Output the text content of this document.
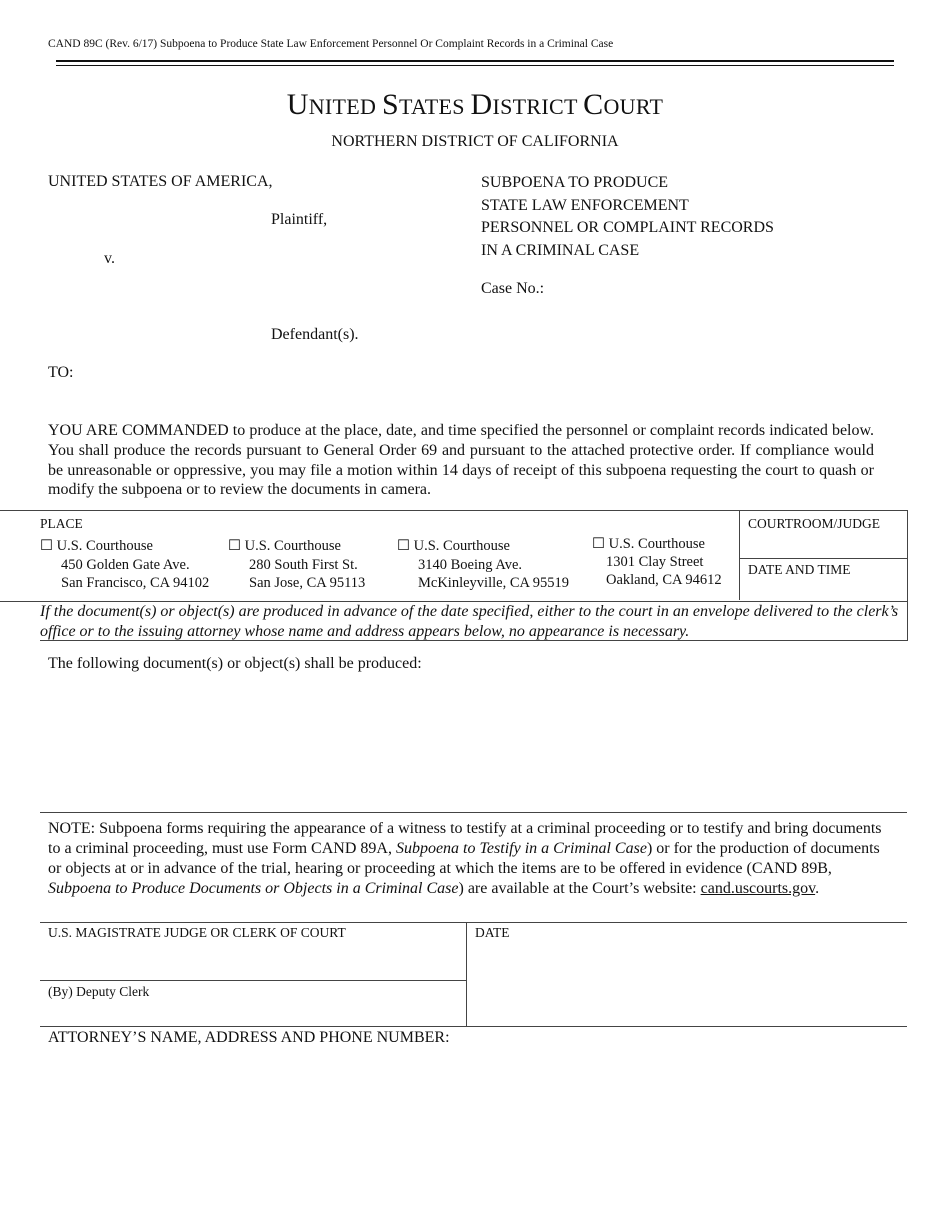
CAND 89C (Rev. 6/17) Subpoena to Produce State Law Enforcement Personnel Or Complaint Records in a Criminal Case
UNITED STATES DISTRICT COURT
NORTHERN DISTRICT OF CALIFORNIA
UNITED STATES OF AMERICA,
Plaintiff,
v.
Defendant(s).
SUBPOENA TO PRODUCE
STATE LAW ENFORCEMENT
PERSONNEL OR COMPLAINT RECORDS
IN A CRIMINAL CASE
Case No.:
TO:
YOU ARE COMMANDED to produce at the place, date, and time specified the personnel or complaint records indicated below. You shall produce the records pursuant to General Order 69 and pursuant to the attached protective order. If compliance would be unreasonable or oppressive, you may file a motion within 14 days of receipt of this subpoena requesting the court to quash or modify the subpoena or to review the documents in camera.
PLACE
☐ U.S. Courthouse
450 Golden Gate Ave.
San Francisco, CA 94102
☐ U.S. Courthouse
280 South First St.
San Jose, CA 95113
☐ U.S. Courthouse
3140 Boeing Ave.
McKinleyville, CA 95519
☐ U.S. Courthouse
1301 Clay Street
Oakland, CA 94612
COURTROOM/JUDGE
DATE AND TIME
If the document(s) or object(s) are produced in advance of the date specified, either to the court in an envelope delivered to the clerk’s office or to the issuing attorney whose name and address appears below, no appearance is necessary.
The following document(s) or object(s) shall be produced:
NOTE: Subpoena forms requiring the appearance of a witness to testify at a criminal proceeding or to testify and bring documents to a criminal proceeding, must use Form CAND 89A, Subpoena to Testify in a Criminal Case) or for the production of documents or objects at or in advance of the trial, hearing or proceeding at which the items are to be offered in evidence (CAND 89B, Subpoena to Produce Documents or Objects in a Criminal Case) are available at the Court’s website: cand.uscourts.gov.
U.S. MAGISTRATE JUDGE OR CLERK OF COURT	DATE
(By) Deputy Clerk
ATTORNEY’S NAME, ADDRESS AND PHONE NUMBER:
